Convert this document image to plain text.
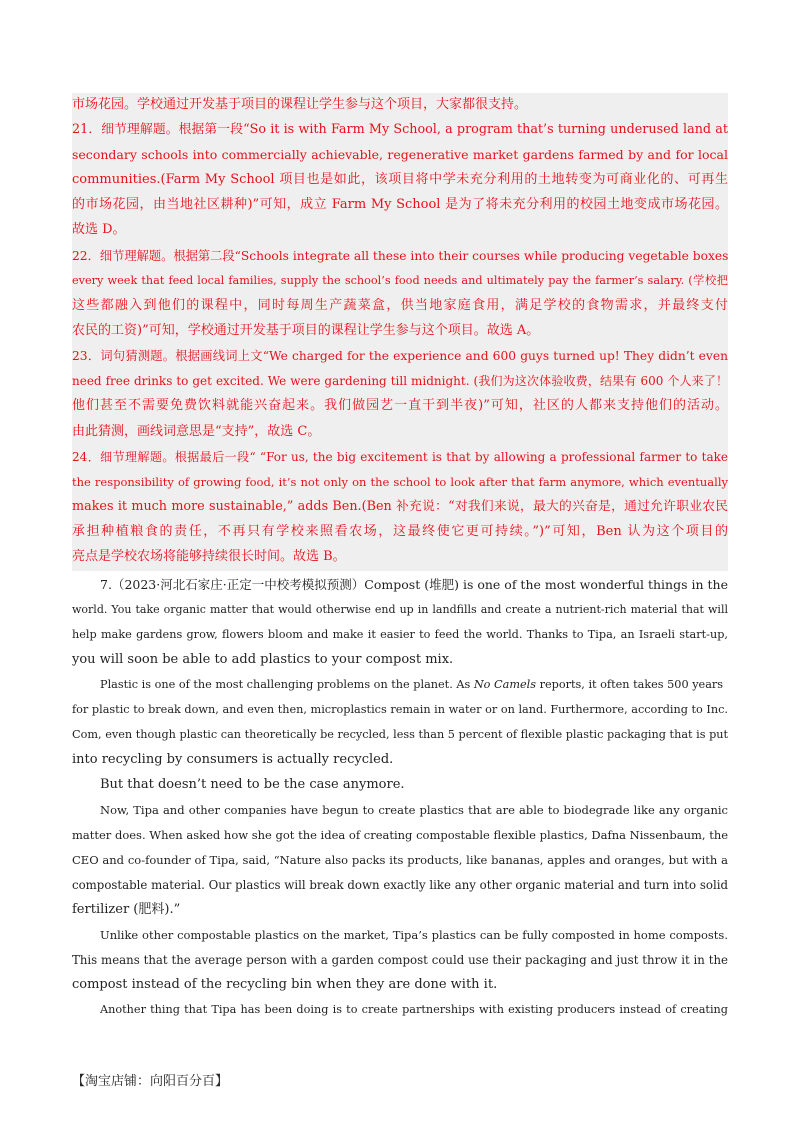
市场花园。学校通过开发基于项目的课程让学生参与这个项目，大家都很支持。
21．细节理解题。根据第一段“So it is with Farm My School, a program that’s turning underused land at
secondary schools into commercially achievable, regenerative market gardens farmed by and for local
communities.(Farm My School 项目也是如此，该项目将中学未充分利用的土地转变为可商业化的、可再生
的市场花园，由当地社区耕种)”可知，成立 Farm My School 是为了将未充分利用的校园土地变成市场花园。
故选 D。
22．细节理解题。根据第二段“Schools integrate all these into their courses while producing vegetable boxes
every week that feed local families, supply the school’s food needs and ultimately pay the farmer’s salary. (学校把
这些都融入到他们的课程中，同时每周生产蔬菜盒，供当地家庭食用，满足学校的食物需求，并最终支付
农民的工资)”可知，学校通过开发基于项目的课程让学生参与这个项目。故选 A。
23．词句猜测题。根据画线词上文“We charged for the experience and 600 guys turned up! They didn’t even
need free drinks to get excited. We were gardening till midnight. (我们为这次体验收费，结果有 600 个人来了！
他们甚至不需要免费饮料就能兴奋起来。我们做园艺一直干到半夜)”可知，社区的人都来支持他们的活动。
由此猜测，画线词意思是“支持”，故选 C。
24．细节理解题。根据最后一段“ “For us, the big excitement is that by allowing a professional farmer to take
the responsibility of growing food, it’s not only on the school to look after that farm anymore, which eventually
makes it much more sustainable,” adds Ben.(Ben 补充说：“对我们来说，最大的兴奋是，通过允许职业农民
承担种植粮食的责任，不再只有学校来照看农场，这最终使它更可持续。”)”可知，Ben 认为这个项目的
亮点是学校农场将能够持续很长时间。故选 B。
7.（2023·河北石家庄·正定一中校考模拟预测）Compost (堆肥) is one of the most wonderful things in the
world. You take organic matter that would otherwise end up in landfills and create a nutrient-rich material that will
help make gardens grow, flowers bloom and make it easier to feed the world. Thanks to Tipa, an Israeli start-up,
you will soon be able to add plastics to your compost mix.
Plastic is one of the most challenging problems on the planet. As No Camels reports, it often takes 500 years
for plastic to break down, and even then, microplastics remain in water or on land. Furthermore, according to Inc.
Com, even though plastic can theoretically be recycled, less than 5 percent of flexible plastic packaging that is put
into recycling by consumers is actually recycled.
But that doesn’t need to be the case anymore.
Now, Tipa and other companies have begun to create plastics that are able to biodegrade like any organic
matter does. When asked how she got the idea of creating compostable flexible plastics, Dafna Nissenbaum, the
CEO and co-founder of Tipa, said, “Nature also packs its products, like bananas, apples and oranges, but with a
compostable material. Our plastics will break down exactly like any other organic material and turn into solid
fertilizer (肥料).”
Unlike other compostable plastics on the market, Tipa’s plastics can be fully composted in home composts.
This means that the average person with a garden compost could use their packaging and just throw it in the
compost instead of the recycling bin when they are done with it.
Another thing that Tipa has been doing is to create partnerships with existing producers instead of creating
【淘宝店铺：向阳百分百】
